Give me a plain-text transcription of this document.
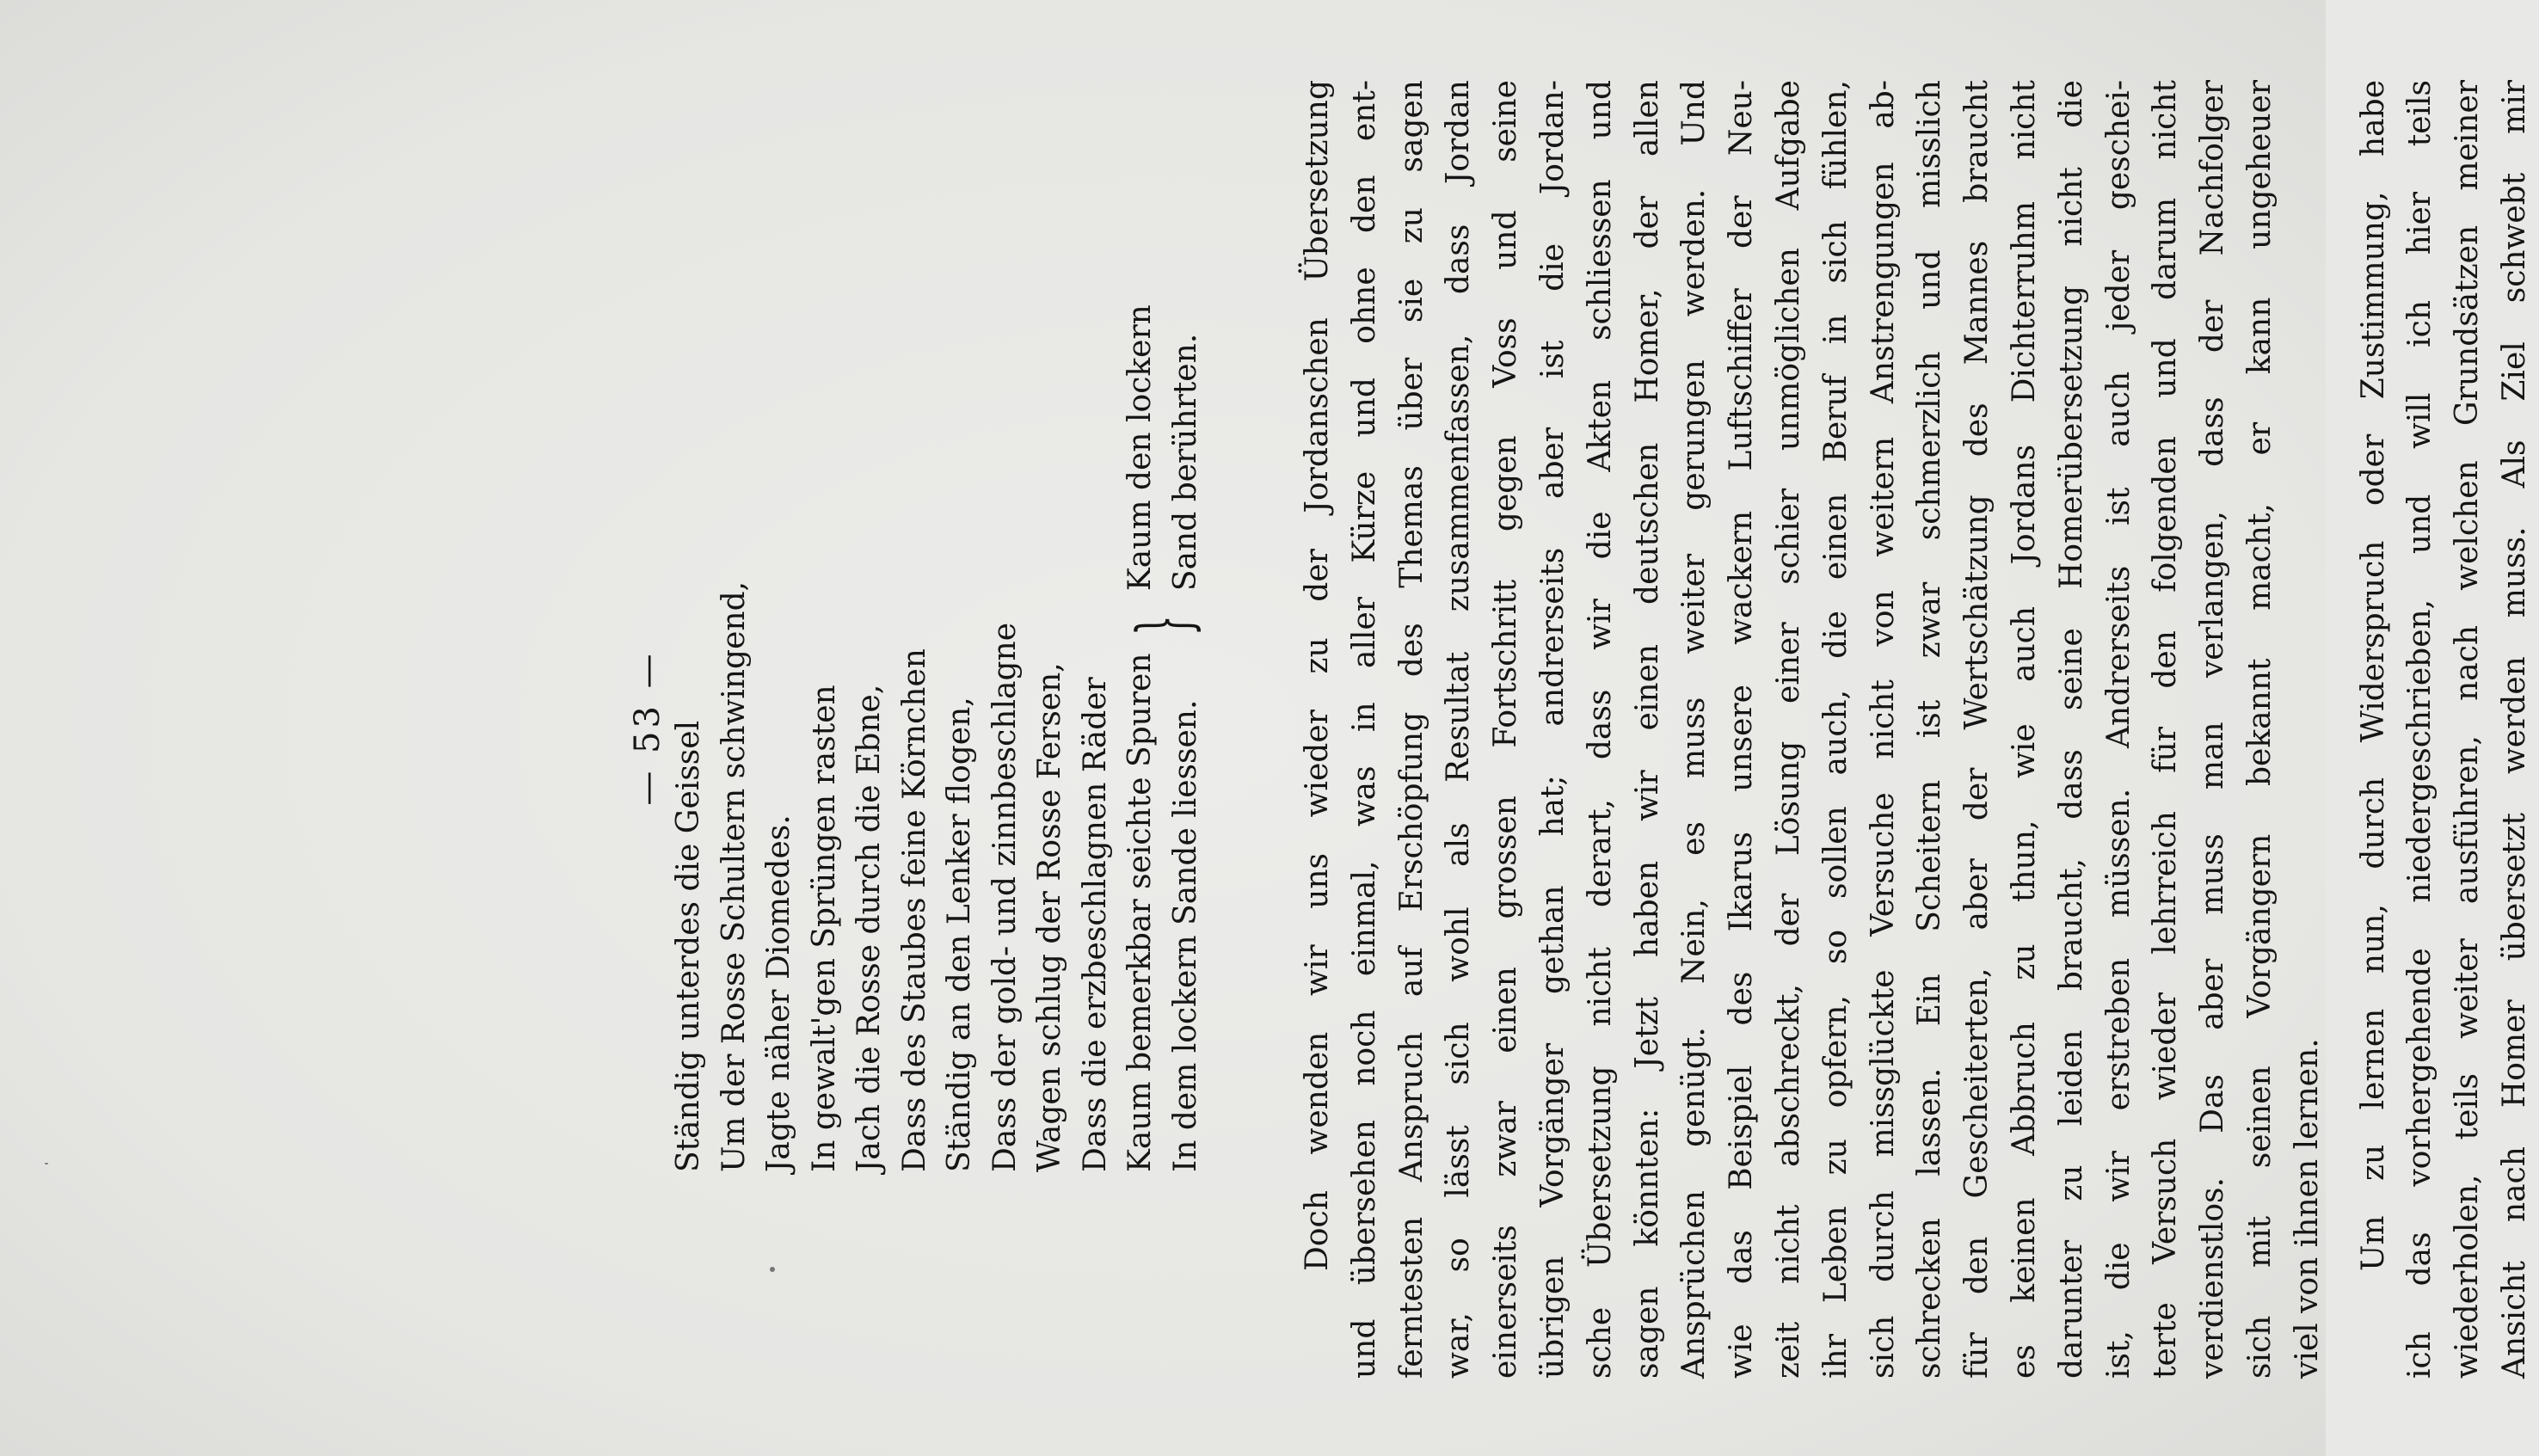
— 53 — Ständig unterdes die Geissel Um der Rosse Schultern schwingend, Jagte näher Diomedes. In gewalt'gen Sprüngen rasten Jach die Rosse durch die Ebne, Dass des Staubes feine Körnchen Ständig an den Lenker flogen, Dass der gold- und zinnbeschlagne Wagen schlug der Rosse Fersen, Dass die erzbeschlagnen Räder Kaum bemerkbar seichte Spuren In dem lockern Sande liessen.
}
Kaum den lockern Sand berührten.	Doch wenden wir uns wieder zu der Jordanschen Übersetzung und übersehen noch einmal, was in aller Kürze und ohne den ent- ferntesten Anspruch auf Erschöpfung des Themas über sie zu sagen war, so lässt sich wohl als Resultat zusammenfassen, dass Jordan einerseits zwar einen grossen Fortschritt gegen Voss und seine übrigen Vorgänger gethan hat; andrerseits aber ist die Jordan- sche Übersetzung nicht derart, dass wir die Akten schliessen und sagen könnten: Jetzt haben wir einen deutschen Homer, der allen Ansprüchen genügt. Nein, es muss weiter gerungen werden. Und wie das Beispiel des Ikarus unsere wackern Luftschiffer der Neu- zeit nicht abschreckt, der Lösung einer schier unmöglichen Aufgabe ihr Leben zu opfern, so sollen auch, die einen Beruf in sich fühlen, sich durch missglückte Versuche nicht von weitern Anstrengungen ab- schrecken lassen. Ein Scheitern ist zwar schmerzlich und misslich für den Gescheiterten, aber der Wertschätzung des Mannes braucht es keinen Abbruch zu thun, wie auch Jordans Dichterruhm nicht darunter zu leiden braucht, dass seine Homerübersetzung nicht die ist, die wir erstreben müssen. Andrerseits ist auch jeder geschei- terte Versuch wieder lehrreich für den folgenden und darum nicht verdienstlos. Das aber muss man verlangen, dass der Nachfolger sich mit seinen Vorgängern bekannt macht, er kann ungeheuer viel von ihnen lernen. Um zu lernen nun, durch Widerspruch oder Zustimmung, habe ich das vorhergehende niedergeschrieben, und will ich hier teils wiederholen, teils weiter ausführen, nach welchen Grundsätzen meiner Ansicht nach Homer übersetzt werden muss. Als Ziel schwebt mir
